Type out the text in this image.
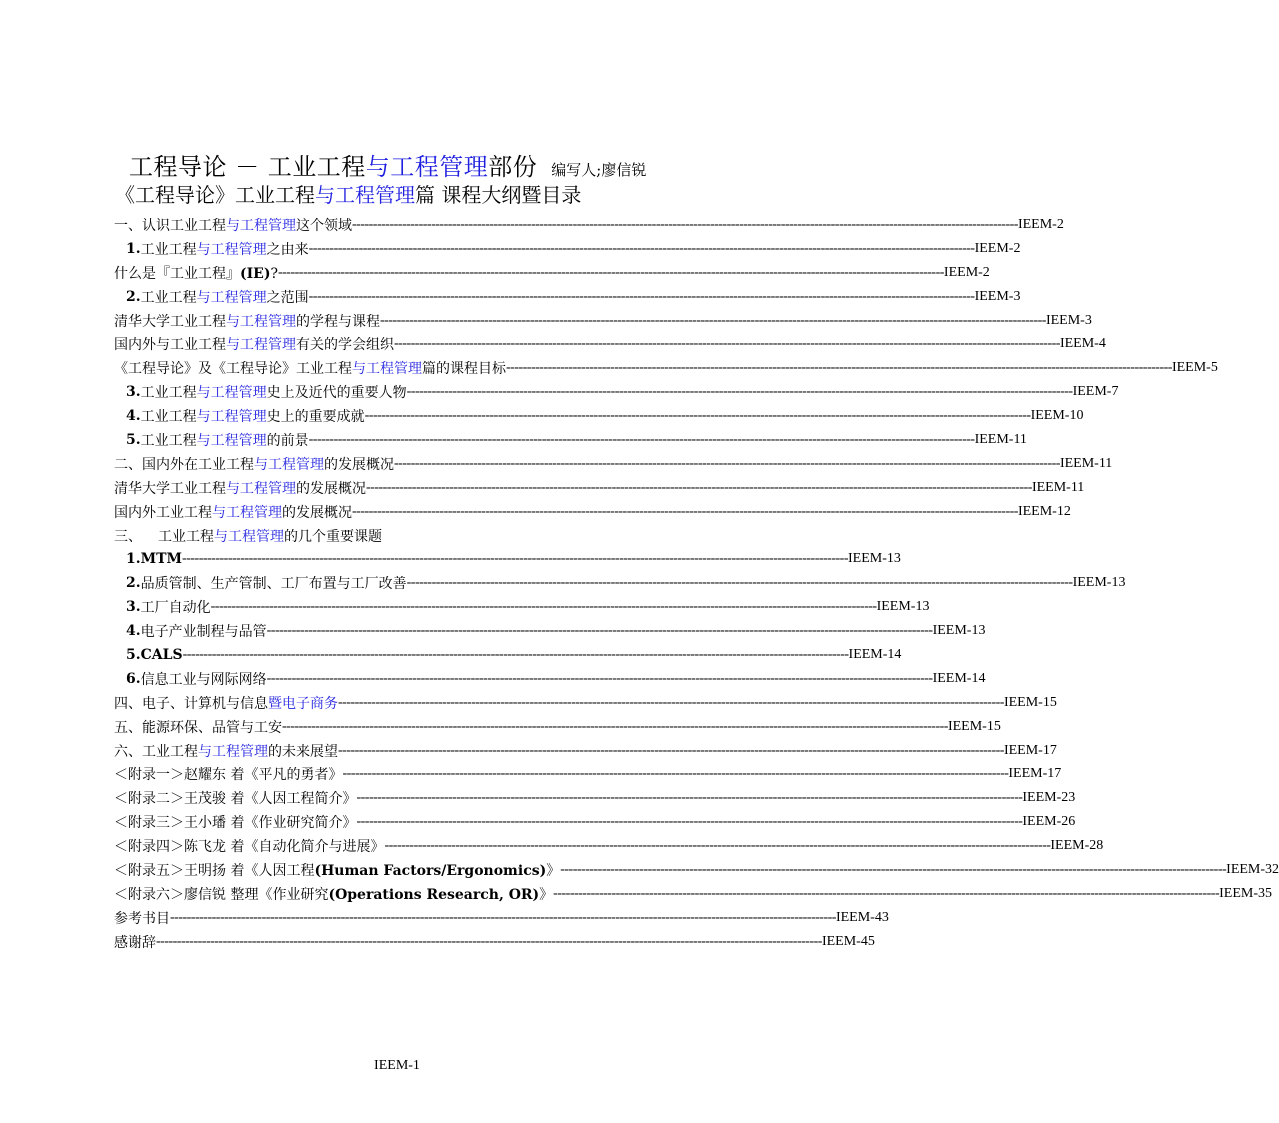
工程导论 － 工业工程与工程管理部份 编写人;廖信锐
《工程导论》工业工程与工程管理篇 课程大纲暨目录
一、 认识工业工程与工程管理这个领域 ---------------------------------------------------------------------------------------------------------------------------------------------------------------- IEEM-2
1. 工业工程与工程管理之由来 ---------------------------------------------------------------------------------------------------------------------------------------------------------------- IEEM-2
什么是『工业工程』(IE)? ---------------------------------------------------------------------------------------------------------------------------------------------------------------- IEEM-2
2. 工业工程与工程管理之范围 ---------------------------------------------------------------------------------------------------------------------------------------------------------------- IEEM-3
清华大学工业工程与工程管理的学程与课程 ---------------------------------------------------------------------------------------------------------------------------------------------------------------- IEEM-3
国内外与工业工程与工程管理有关的学会组织 ---------------------------------------------------------------------------------------------------------------------------------------------------------------- IEEM-4
《工程导论》及《工程导论》工业工程与工程管理篇的课程目标 ---------------------------------------------------------------------------------------------------------------------------------------------------------------- IEEM-5
3. 工业工程与工程管理史上及近代的重要人物 ---------------------------------------------------------------------------------------------------------------------------------------------------------------- IEEM-7
4. 工业工程与工程管理史上的重要成就 ---------------------------------------------------------------------------------------------------------------------------------------------------------------- IEEM-10
5. 工业工程与工程管理的前景 ---------------------------------------------------------------------------------------------------------------------------------------------------------------- IEEM-11
二、 国内外在工业工程与工程管理的发展概况 ---------------------------------------------------------------------------------------------------------------------------------------------------------------- IEEM-11
清华大学工业工程与工程管理的发展概况 ---------------------------------------------------------------------------------------------------------------------------------------------------------------- IEEM-11
国内外工业工程与工程管理的发展概况 ---------------------------------------------------------------------------------------------------------------------------------------------------------------- IEEM-12
三、	工业工程与工程管理的几个重要课题
1. MTM ---------------------------------------------------------------------------------------------------------------------------------------------------------------- IEEM-13
2. 品质管制、生产管制、工厂布置与工厂改善 ---------------------------------------------------------------------------------------------------------------------------------------------------------------- IEEM-13
3. 工厂自动化 ---------------------------------------------------------------------------------------------------------------------------------------------------------------- IEEM-13
4. 电子产业制程与品管 ---------------------------------------------------------------------------------------------------------------------------------------------------------------- IEEM-13
5. CALS ---------------------------------------------------------------------------------------------------------------------------------------------------------------- IEEM-14
6. 信息工业与网际网络 ---------------------------------------------------------------------------------------------------------------------------------------------------------------- IEEM-14
四、 电子、计算机与信息暨电子商务 ---------------------------------------------------------------------------------------------------------------------------------------------------------------- IEEM-15
五、 能源环保、品管与工安 ---------------------------------------------------------------------------------------------------------------------------------------------------------------- IEEM-15
六、 工业工程与工程管理的未来展望 ---------------------------------------------------------------------------------------------------------------------------------------------------------------- IEEM-17
＜附录一＞ 赵耀东 着《平凡的勇者》 ---------------------------------------------------------------------------------------------------------------------------------------------------------------- IEEM-17
＜附录二＞ 王茂骏 着《人因工程简介》 ---------------------------------------------------------------------------------------------------------------------------------------------------------------- IEEM-23
＜附录三＞ 王小璠 着《作业研究简介》 ---------------------------------------------------------------------------------------------------------------------------------------------------------------- IEEM-26
＜附录四＞ 陈飞龙 着《自动化简介与进展》 ---------------------------------------------------------------------------------------------------------------------------------------------------------------- IEEM-28
＜附录五＞ 王明扬 着《人因工程(Human Factors/Ergonomics)》 ---------------------------------------------------------------------------------------------------------------------------------------------------------------- IEEM-32
＜附录六＞ 廖信锐 整理《作业研究(Operations Research, OR)》 ---------------------------------------------------------------------------------------------------------------------------------------------------------------- IEEM-35
参考书目 ---------------------------------------------------------------------------------------------------------------------------------------------------------------- IEEM-43
感谢辞 ---------------------------------------------------------------------------------------------------------------------------------------------------------------- IEEM-45
IEEM-1
